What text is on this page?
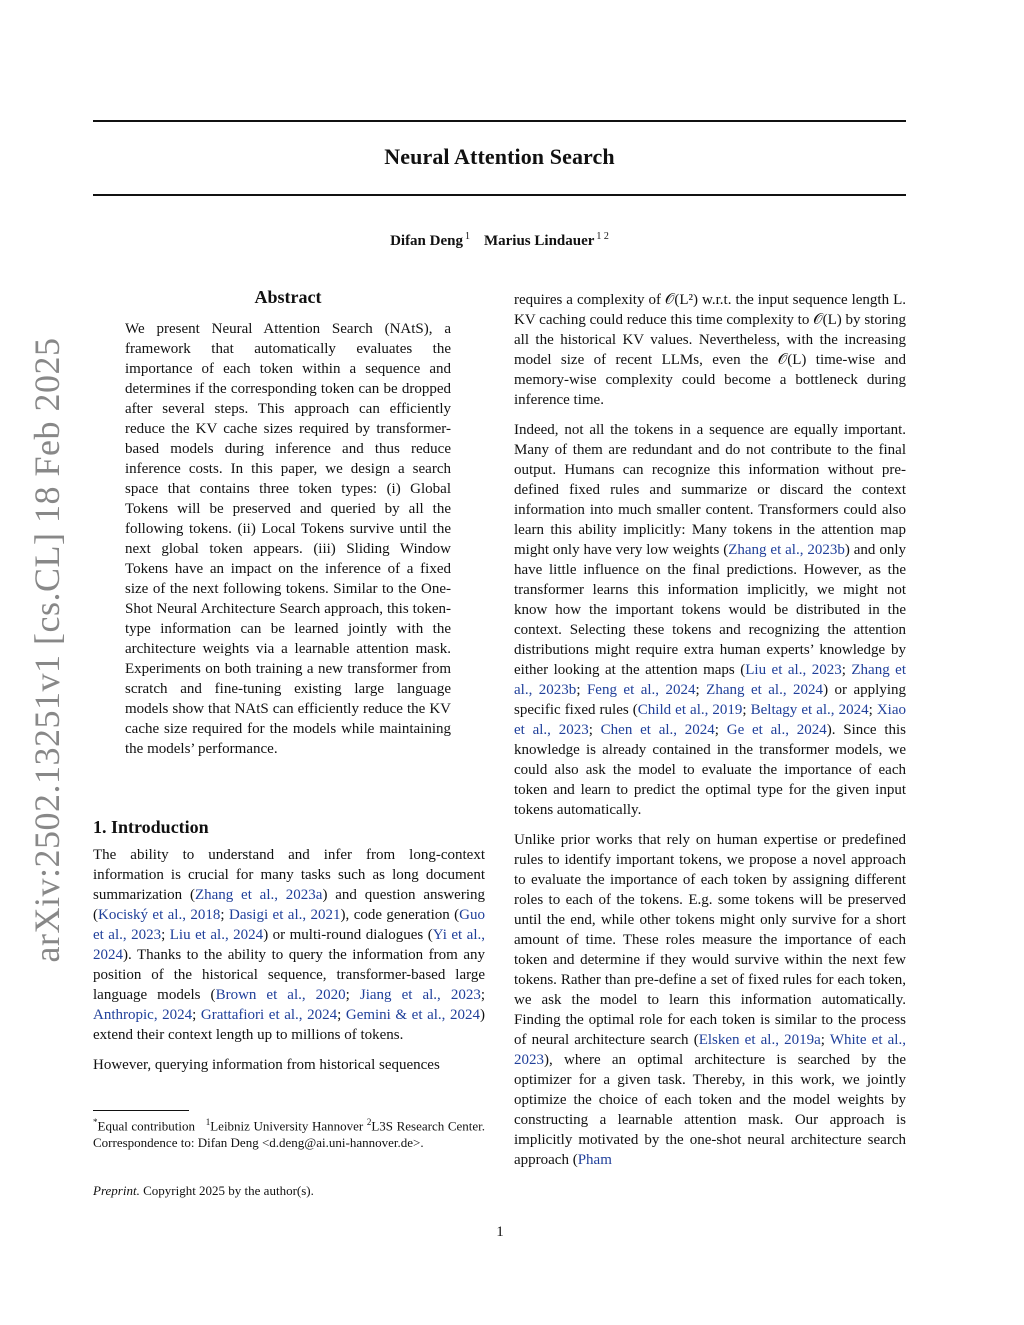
Neural Attention Search
Difan Deng $^1$ Marius Lindauer $^{1 2}$
arXiv:2502.13251v1 [cs.CL] 18 Feb 2025
Abstract
We present Neural Attention Search (NAtS), a framework that automatically evaluates the importance of each token within a sequence and determines if the corresponding token can be dropped after several steps. This approach can efficiently reduce the KV cache sizes required by transformer-based models during inference and thus reduce inference costs. In this paper, we design a search space that contains three token types: (i) Global Tokens will be preserved and queried by all the following tokens. (ii) Local Tokens survive until the next global token appears. (iii) Sliding Window Tokens have an impact on the inference of a fixed size of the next following tokens. Similar to the One-Shot Neural Architecture Search approach, this token-type information can be learned jointly with the architecture weights via a learnable attention mask. Experiments on both training a new transformer from scratch and fine-tuning existing large language models show that NAtS can efficiently reduce the KV cache size required for the models while maintaining the models’ performance.
1. Introduction

The ability to understand and infer from long-context information is crucial for many tasks such as long document summarization (Zhang et al., 2023a) and question answering (Kociský et al., 2018; Dasigi et al., 2021), code generation (Guo et al., 2023; Liu et al., 2024) or multi-round dialogues (Yi et al., 2024). Thanks to the ability to query the information from any position of the historical sequence, transformer-based large language models (Brown et al., 2020; Jiang et al., 2023; Anthropic, 2024; Grattafiori et al., 2024; Gemini & et al., 2024) extend their context length up to millions of tokens.

However, querying information from historical sequences

*Equal contribution $^1$Leibniz University Hannover $^2$L3S Research Center. Correspondence to: Difan Deng <d.deng@ai.uni-hannover.de>.
Preprint. Copyright 2025 by the author(s).

requires a complexity of 𝒪(L²) w.r.t. the input sequence length L. KV caching could reduce this time complexity to 𝒪(L) by storing all the historical KV values. Nevertheless, with the increasing model size of recent LLMs, even the 𝒪(L) time-wise and memory-wise complexity could become a bottleneck during inference time.

Indeed, not all the tokens in a sequence are equally important. Many of them are redundant and do not contribute to the final output. Humans can recognize this information without pre-defined fixed rules and summarize or discard the context information into much smaller content. Transformers could also learn this ability implicitly: Many tokens in the attention map might only have very low weights (Zhang et al., 2023b) and only have little influence on the final predictions. However, as the transformer learns this information implicitly, we might not know how the important tokens would be distributed in the context. Selecting these tokens and recognizing the attention distributions might require extra human experts’ knowledge by either looking at the attention maps (Liu et al., 2023; Zhang et al., 2023b; Feng et al., 2024; Zhang et al., 2024) or applying specific fixed rules (Child et al., 2019; Beltagy et al., 2024; Xiao et al., 2023; Chen et al., 2024; Ge et al., 2024). Since this knowledge is already contained in the transformer models, we could also ask the model to evaluate the importance of each token and learn to predict the optimal type for the given input tokens automatically.

Unlike prior works that rely on human expertise or predefined rules to identify important tokens, we propose a novel approach to evaluate the importance of each token by assigning different roles to each of the tokens. E.g. some tokens will be preserved until the end, while other tokens might only survive for a short amount of time. These roles measure the importance of each token and determine if they would survive within the next few tokens. Rather than pre-define a set of fixed rules for each token, we ask the model to learn this information automatically. Finding the optimal role for each token is similar to the process of neural architecture search (Elsken et al., 2019a; White et al., 2023), where an optimal architecture is searched by the optimizer for a given task. Thereby, in this work, we jointly optimize the choice of each token and the model weights by constructing a learnable attention mask. Our approach is implicitly motivated by the one-shot neural architecture search approach (Pham

1
